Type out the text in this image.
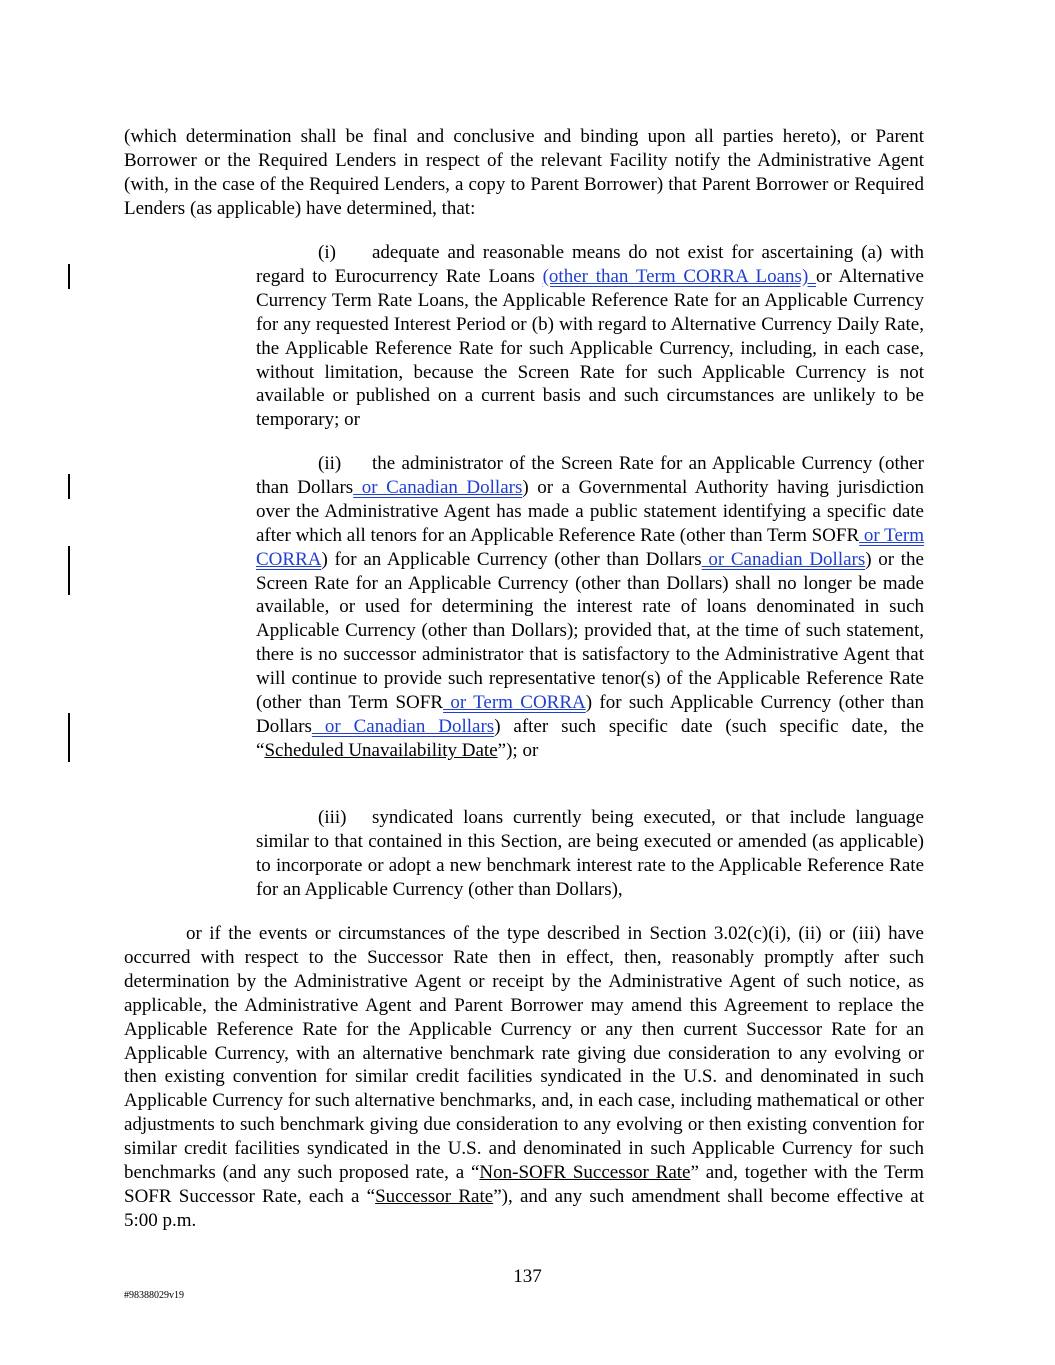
(which determination shall be final and conclusive and binding upon all parties hereto), or Parent Borrower or the Required Lenders in respect of the relevant Facility notify the Administrative Agent (with, in the case of the Required Lenders, a copy to Parent Borrower) that Parent Borrower or Required Lenders (as applicable) have determined, that:

(i) adequate and reasonable means do not exist for ascertaining (a) with regard to Eurocurrency Rate Loans (other than Term CORRA Loans) or Alternative Currency Term Rate Loans, the Applicable Reference Rate for an Applicable Currency for any requested Interest Period or (b) with regard to Alternative Currency Daily Rate, the Applicable Reference Rate for such Applicable Currency, including, in each case, without limitation, because the Screen Rate for such Applicable Currency is not available or published on a current basis and such circumstances are unlikely to be temporary; or

(ii) the administrator of the Screen Rate for an Applicable Currency (other than Dollars or Canadian Dollars) or a Governmental Authority having jurisdiction over the Administrative Agent has made a public statement identifying a specific date after which all tenors for an Applicable Reference Rate (other than Term SOFR or Term CORRA) for an Applicable Currency (other than Dollars or Canadian Dollars) or the Screen Rate for an Applicable Currency (other than Dollars) shall no longer be made available, or used for determining the interest rate of loans denominated in such Applicable Currency (other than Dollars); provided that, at the time of such statement, there is no successor administrator that is satisfactory to the Administrative Agent that will continue to provide such representative tenor(s) of the Applicable Reference Rate (other than Term SOFR or Term CORRA) for such Applicable Currency (other than Dollars or Canadian Dollars) after such specific date (such specific date, the “Scheduled Unavailability Date”); or

(iii) syndicated loans currently being executed, or that include language similar to that contained in this Section, are being executed or amended (as applicable) to incorporate or adopt a new benchmark interest rate to the Applicable Reference Rate for an Applicable Currency (other than Dollars),

or if the events or circumstances of the type described in Section 3.02(c)(i), (ii) or (iii) have occurred with respect to the Successor Rate then in effect, then, reasonably promptly after such determination by the Administrative Agent or receipt by the Administrative Agent of such notice, as applicable, the Administrative Agent and Parent Borrower may amend this Agreement to replace the Applicable Reference Rate for the Applicable Currency or any then current Successor Rate for an Applicable Currency, with an alternative benchmark rate giving due consideration to any evolving or then existing convention for similar credit facilities syndicated in the U.S. and denominated in such Applicable Currency for such alternative benchmarks, and, in each case, including mathematical or other adjustments to such benchmark giving due consideration to any evolving or then existing convention for similar credit facilities syndicated in the U.S. and denominated in such Applicable Currency for such benchmarks (and any such proposed rate, a “Non-SOFR Successor Rate” and, together with the Term SOFR Successor Rate, each a “Successor Rate”), and any such amendment shall become effective at 5:00 p.m.

137
#98388029v19
